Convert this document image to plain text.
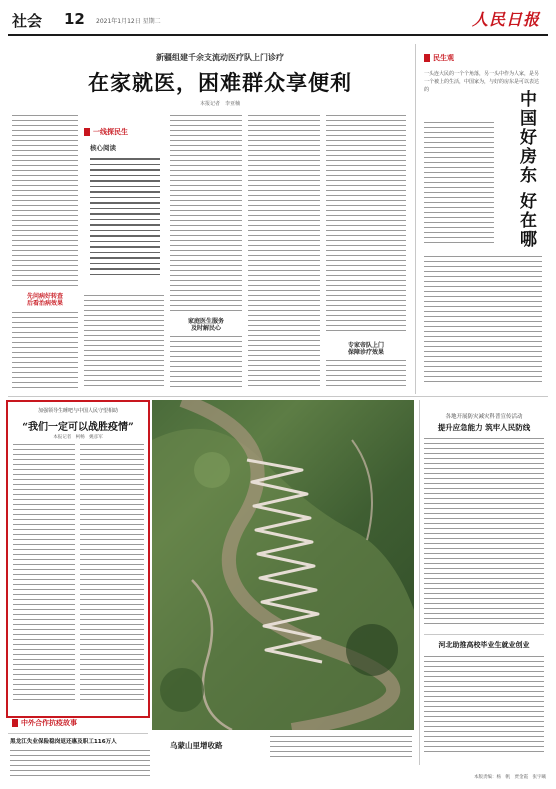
社会 12 2021年1月12日 星期二	人民日报
新疆组建千余支流动医疗队上门诊疗
在家就医，困难群众享便利
本报记者　李亚楠
先问病好转查
后看治病效果
一线探民生
核心阅读
家庭医生服务
及时解民心
专家帝队上门
保障诊疗效果
民生观
一头连大民的一个个角落，另一头中作为人家，是另一个被上的生活，中国家为，与好的房东是可以表达的	中国好房东
好在哪
加强领导生睡吧与中国人民守望相助
“我们一定可以战胜疫情”
本报记者　柯畅　姚彦军
中外合作抗疫故事
乌蒙山里增收路
各地开展防灾减灾科普宣传活动
提升应急能力 筑牢人民防线
河北助推高校毕业生就业创业
黑龙江失业保险稳岗返还惠及职工116万人
本版责编：杨　帆　贾金霞　张宇曦
